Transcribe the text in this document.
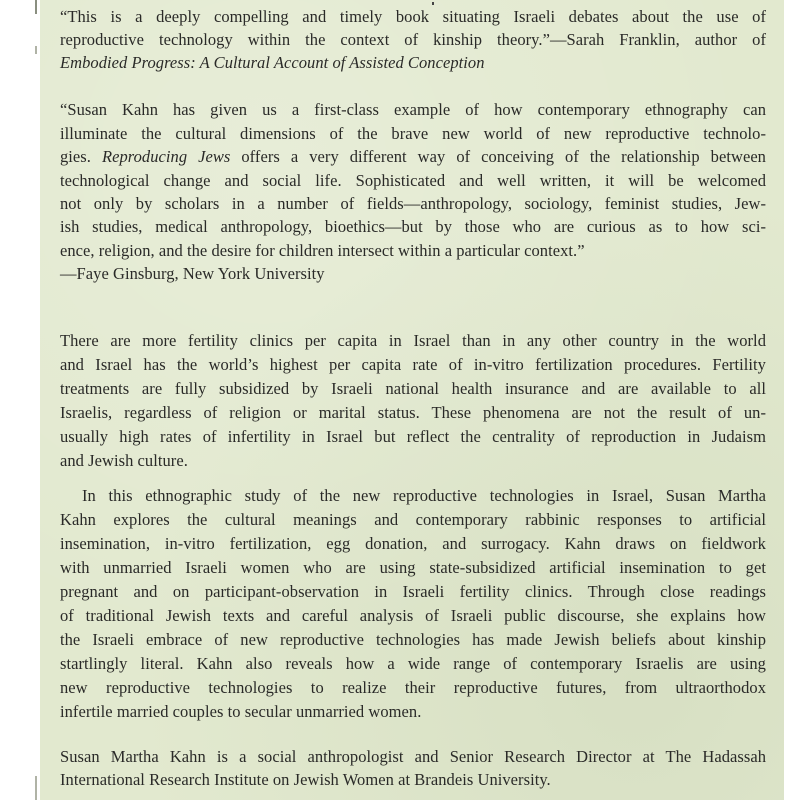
“This is a deeply compelling and timely book situating Israeli debates about the use of
reproductive technology within the context of kinship theory.”—Sarah Franklin, author of
Embodied Progress: A Cultural Account of Assisted Conception
“Susan Kahn has given us a first-class example of how contemporary ethnography can
illuminate the cultural dimensions of the brave new world of new reproductive technolo-
gies. Reproducing Jews offers a very different way of conceiving of the relationship between
technological change and social life. Sophisticated and well written, it will be welcomed
not only by scholars in a number of fields—anthropology, sociology, feminist studies, Jew-
ish studies, medical anthropology, bioethics—but by those who are curious as to how sci-
ence, religion, and the desire for children intersect within a particular context.”
—Faye Ginsburg, New York University
There are more fertility clinics per capita in Israel than in any other country in the world
and Israel has the world’s highest per capita rate of in-vitro fertilization procedures. Fertility
treatments are fully subsidized by Israeli national health insurance and are available to all
Israelis, regardless of religion or marital status. These phenomena are not the result of un-
usually high rates of infertility in Israel but reflect the centrality of reproduction in Judaism
and Jewish culture.
In this ethnographic study of the new reproductive technologies in Israel, Susan Martha
Kahn explores the cultural meanings and contemporary rabbinic responses to artificial
insemination, in-vitro fertilization, egg donation, and surrogacy. Kahn draws on fieldwork
with unmarried Israeli women who are using state-subsidized artificial insemination to get
pregnant and on participant-observation in Israeli fertility clinics. Through close readings
of traditional Jewish texts and careful analysis of Israeli public discourse, she explains how
the Israeli embrace of new reproductive technologies has made Jewish beliefs about kinship
startlingly literal. Kahn also reveals how a wide range of contemporary Israelis are using
new reproductive technologies to realize their reproductive futures, from ultraorthodox
infertile married couples to secular unmarried women.
Susan Martha Kahn is a social anthropologist and Senior Research Director at The Hadassah
International Research Institute on Jewish Women at Brandeis University.
